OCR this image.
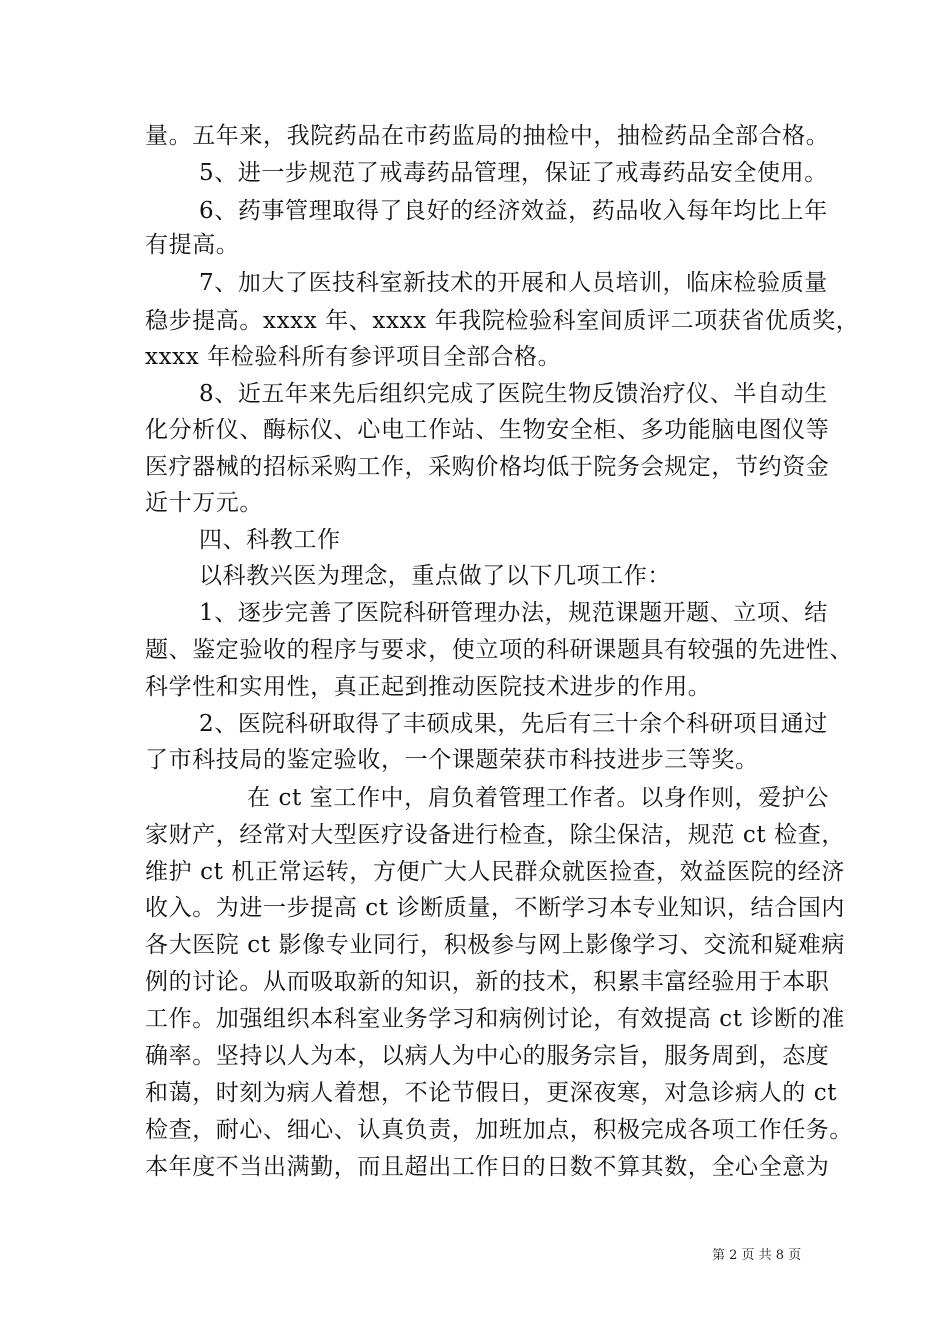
量。五年来，我院药品在市药监局的抽检中，抽检药品全部合格。
5、进一步规范了戒毒药品管理，保证了戒毒药品安全使用。
6、药事管理取得了良好的经济效益，药品收入每年均比上年
有提高。
7、加大了医技科室新技术的开展和人员培训，临床检验质量
稳步提高。xxxx 年、xxxx 年我院检验科室间质评二项获省优质奖，
xxxx 年检验科所有参评项目全部合格。
8、近五年来先后组织完成了医院生物反馈治疗仪、半自动生
化分析仪、酶标仪、心电工作站、生物安全柜、多功能脑电图仪等
医疗器械的招标采购工作，采购价格均低于院务会规定，节约资金
近十万元。
四、科教工作
以科教兴医为理念，重点做了以下几项工作：
1、逐步完善了医院科研管理办法，规范课题开题、立项、结
题、鉴定验收的程序与要求，使立项的科研课题具有较强的先进性、
科学性和实用性，真正起到推动医院技术进步的作用。
2、医院科研取得了丰硕成果，先后有三十余个科研项目通过
了市科技局的鉴定验收，一个课题荣获市科技进步三等奖。
在 ct 室工作中，肩负着管理工作者。以身作则，爱护公
家财产，经常对大型医疗设备进行检查，除尘保洁，规范 ct 检查，
维护 ct 机正常运转，方便广大人民群众就医捡查，效益医院的经济
收入。为进一步提高 ct 诊断质量，不断学习本专业知识，结合国内
各大医院 ct 影像专业同行，积极参与网上影像学习、交流和疑难病
例的讨论。从而吸取新的知识，新的技术，积累丰富经验用于本职
工作。加强组织本科室业务学习和病例讨论，有效提高 ct 诊断的准
确率。坚持以人为本，以病人为中心的服务宗旨，服务周到，态度
和蔼，时刻为病人着想，不论节假日，更深夜寒，对急诊病人的 ct
检查，耐心、细心、认真负责，加班加点，积极完成各项工作任务。
本年度不当出满勤，而且超出工作日的日数不算其数，全心全意为
第 2 页 共 8 页
